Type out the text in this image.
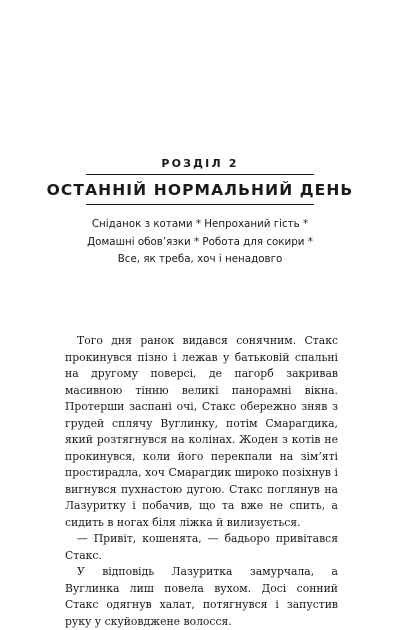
РОЗДІЛ 2
ОСТАННІЙ НОРМАЛЬНИЙ ДЕНЬ
Сніданок з котами * Непроханий гість * Домашні обов’язки * Робота для сокири * Все, як треба, хоч і ненадовго

Того дня ранок видався сонячним. Стакс прокинувся пізно і лежав у батьковій спальні на другому поверсі, де пагорб закривав масивною тінню великі панорамні вікна. Протерши заспані очі, Стакс обережно зняв з грудей сплячу Вуглинку, потім Смарагдика, який розтягнувся на колінах. Жоден з котів не прокинувся, коли його перекпали на зім’яті простирадла, хоч Смарагдик широко позіхнув і вигнувся пухнастою дугою. Стакс поглянув на Лазуритку і побачив, що та вже не спить, а сидить в ногах біля ліжка й вилизується.

— Привіт, кошенята, — бадьоро привітався Стакс.

У відповідь Лазуритка замурчала, а Вуглинка лиш повела вухом. Досі сонний Стакс одягнув халат, потягнувся і запустив руку у скуйовджене волосся.
